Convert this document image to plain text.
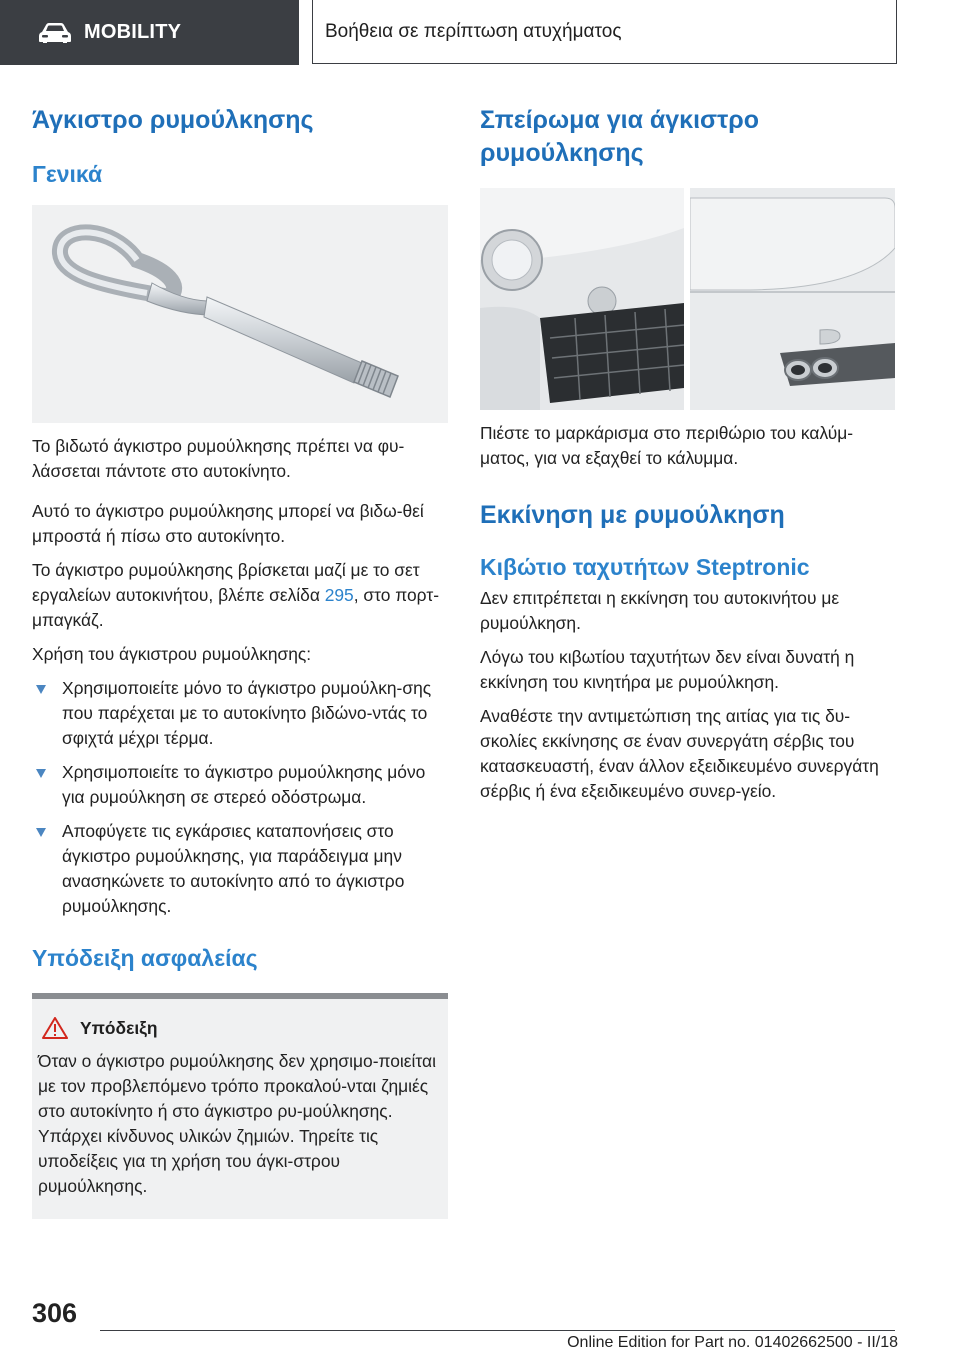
MOBILITY	Βοήθεια σε περίπτωση ατυχήματος
Άγκιστρο ρυμούλκησης
Γενικά

Το βιδωτό άγκιστρο ρυμούλκησης πρέπει να φυ-λάσσεται πάντοτε στο αυτοκίνητο.

Αυτό το άγκιστρο ρυμούλκησης μπορεί να βιδω-θεί μπροστά ή πίσω στο αυτοκίνητο.

Το άγκιστρο ρυμούλκησης βρίσκεται μαζί με το σετ εργαλείων αυτοκινήτου, βλέπε σελίδα 295, στο πορτ-μπαγκάζ.

Χρήση του άγκιστρου ρυμούλκησης:

Χρησιμοποιείτε μόνο το άγκιστρο ρυμούλκη-σης που παρέχεται με το αυτοκίνητο βιδώνο-ντάς το σφιχτά μέχρι τέρμα.
Χρησιμοποιείτε το άγκιστρο ρυμούλκησης μόνο για ρυμούλκηση σε στερεό οδόστρωμα.
Αποφύγετε τις εγκάρσιες καταπονήσεις στο άγκιστρο ρυμούλκησης, για παράδειγμα μην ανασηκώνετε το αυτοκίνητο από το άγκιστρο ρυμούλκησης.
Υπόδειξη ασφαλείας
Υπόδειξη

Όταν ο άγκιστρο ρυμούλκησης δεν χρησιμο-ποιείται με τον προβλεπόμενο τρόπο προκαλού-νται ζημιές στο αυτοκίνητο ή στο άγκιστρο ρυ-μούλκησης. Υπάρχει κίνδυνος υλικών ζημιών. Τηρείτε τις υποδείξεις για τη χρήση του άγκι-στρου ρυμούλκησης.

Σπείρωμα για άγκιστρο ρυμούλκησης

Πιέστε το μαρκάρισμα στο περιθώριο του καλύμ-ματος, για να εξαχθεί το κάλυμμα.

Εκκίνηση με ρυμούλκηση
Κιβώτιο ταχυτήτων Steptronic

Δεν επιτρέπεται η εκκίνηση του αυτοκινήτου με ρυμούλκηση.

Λόγω του κιβωτίου ταχυτήτων δεν είναι δυνατή η εκκίνηση του κινητήρα με ρυμούλκηση.

Αναθέστε την αντιμετώπιση της αιτίας για τις δυ-σκολίες εκκίνησης σε έναν συνεργάτη σέρβις του κατασκευαστή, έναν άλλον εξειδικευμένο συνεργάτη σέρβις ή ένα εξειδικευμένο συνερ-γείο.

306
Online Edition for Part no. 01402662500 - II/18
